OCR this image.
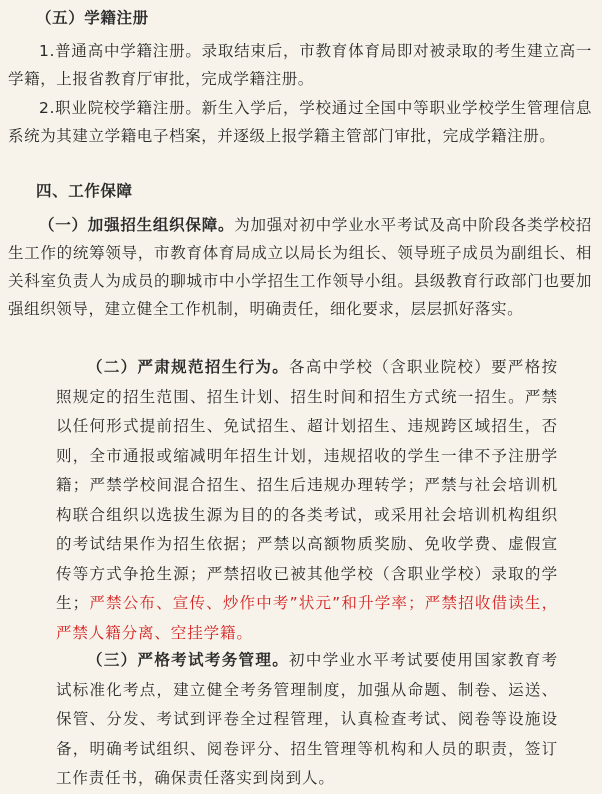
（五）学籍注册

1.普通高中学籍注册。录取结束后，市教育体育局即对被录取的考生建立高一学籍，上报省教育厅审批，完成学籍注册。

2.职业院校学籍注册。新生入学后，学校通过全国中等职业学校学生管理信息系统为其建立学籍电子档案，并逐级上报学籍主管部门审批，完成学籍注册。

四、工作保障

（一）加强招生组织保障。为加强对初中学业水平考试及高中阶段各类学校招生工作的统筹领导，市教育体育局成立以局长为组长、领导班子成员为副组长、相关科室负责人为成员的聊城市中小学招生工作领导小组。县级教育行政部门也要加强组织领导，建立健全工作机制，明确责任，细化要求，层层抓好落实。

（二）严肃规范招生行为。各高中学校（含职业院校）要严格按照规定的招生范围、招生计划、招生时间和招生方式统一招生。严禁以任何形式提前招生、免试招生、超计划招生、违规跨区域招生，否则，全市通报或缩减明年招生计划，违规招收的学生一律不予注册学籍；严禁学校间混合招生、招生后违规办理转学；严禁与社会培训机构联合组织以选拔生源为目的的各类考试，或采用社会培训机构组织的考试结果作为招生依据；严禁以高额物质奖励、免收学费、虚假宣传等方式争抢生源；严禁招收已被其他学校（含职业学校）录取的学生；严禁公布、宣传、炒作中考”状元”和升学率；严禁招收借读生，严禁人籍分离、空挂学籍。

（三）严格考试考务管理。初中学业水平考试要使用国家教育考试标准化考点，建立健全考务管理制度，加强从命题、制卷、运送、保管、分发、考试到评卷全过程管理，认真检查考试、阅卷等设施设备，明确考试组织、阅卷评分、招生管理等机构和人员的职责，签订工作责任书，确保责任落实到岗到人。
